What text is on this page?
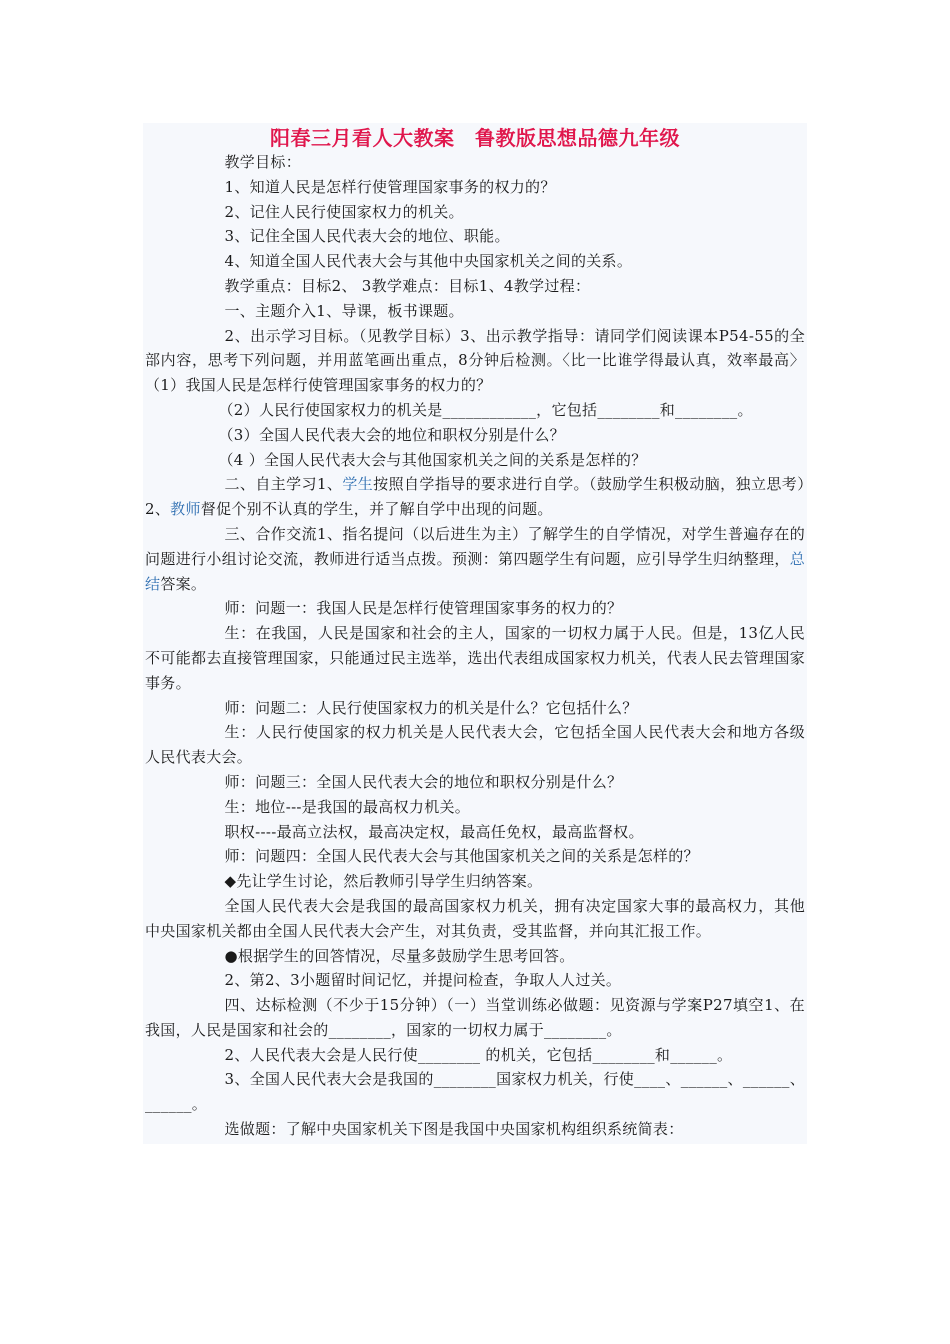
阳春三月看人大教案　鲁教版思想品德九年级

教学目标：

1、知道人民是怎样行使管理国家事务的权力的？

2、记住人民行使国家权力的机关。

3、记住全国人民代表大会的地位、职能。

4、知道全国人民代表大会与其他中央国家机关之间的关系。

教学重点：目标2、 3教学难点：目标1、4教学过程：

一、主题介入1、导课，板书课题。

2、出示学习目标。（见教学目标）3、出示教学指导：请同学们阅读课本P54-55的全部内容，思考下列问题，并用蓝笔画出重点，8分钟后检测。〈比一比谁学得最认真，效率最高〉（1）我国人民是怎样行使管理国家事务的权力的？

（2）人民行使国家权力的机关是____________，它包括________和________。

（3）全国人民代表大会的地位和职权分别是什么？

（4 ）全国人民代表大会与其他国家机关之间的关系是怎样的？

二、自主学习1、学生按照自学指导的要求进行自学。（鼓励学生积极动脑，独立思考）2、教师督促个别不认真的学生，并了解自学中出现的问题。

三、合作交流1、指名提问（以后进生为主）了解学生的自学情况，对学生普遍存在的问题进行小组讨论交流，教师进行适当点拨。预测：第四题学生有问题，应引导学生归纳整理，总结答案。

师：问题一：我国人民是怎样行使管理国家事务的权力的？

生：在我国，人民是国家和社会的主人，国家的一切权力属于人民。但是，13亿人民不可能都去直接管理国家，只能通过民主选举，选出代表组成国家权力机关，代表人民去管理国家事务。

师：问题二：人民行使国家权力的机关是什么？它包括什么？

生：人民行使国家的权力机关是人民代表大会，它包括全国人民代表大会和地方各级人民代表大会。

师：问题三：全国人民代表大会的地位和职权分别是什么？

生：地位---是我国的最高权力机关。

职权----最高立法权，最高决定权，最高任免权，最高监督权。

师：问题四：全国人民代表大会与其他国家机关之间的关系是怎样的？

◆先让学生讨论，然后教师引导学生归纳答案。

全国人民代表大会是我国的最高国家权力机关，拥有决定国家大事的最高权力，其他中央国家机关都由全国人民代表大会产生，对其负责，受其监督，并向其汇报工作。

●根据学生的回答情况，尽量多鼓励学生思考回答。

2、第2、3小题留时间记忆，并提问检查，争取人人过关。

四、达标检测（不少于15分钟）（一）当堂训练必做题：见资源与学案P27填空1、在我国，人民是国家和社会的________，国家的一切权力属于________。

2、人民代表大会是人民行使________ 的机关，它包括________和______。

3、全国人民代表大会是我国的________国家权力机关，行使____、______、______、______。

选做题：了解中央国家机关下图是我国中央国家机构组织系统简表：
